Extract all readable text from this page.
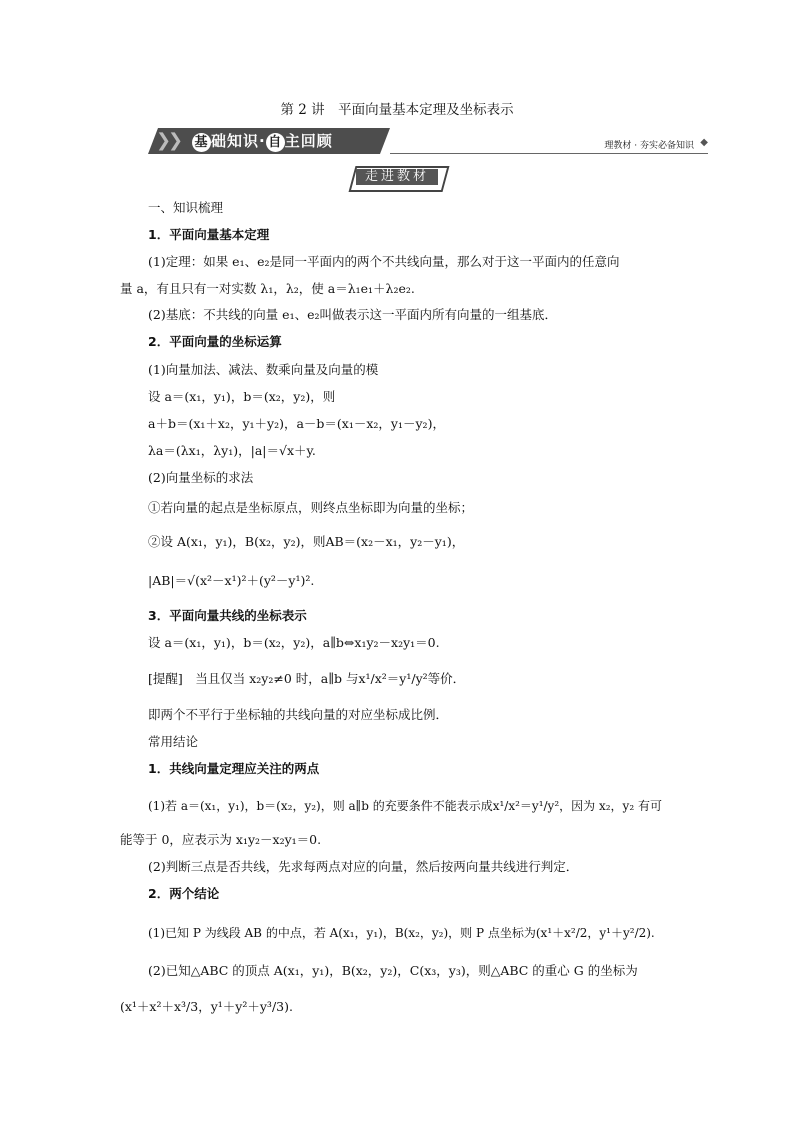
第 2 讲　平面向量基本定理及坐标表示
❯
❯ 基 础知识· 自 主回顾	理教材 · 夯实必备知识 ◆
走进教材
一、知识梳理
1．平面向量基本定理
(1)定理：如果 e₁、e₂是同一平面内的两个不共线向量，那么对于这一平面内的任意向
量 a，有且只有一对实数 λ₁，λ₂，使 a＝λ₁e₁＋λ₂e₂.
(2)基底：不共线的向量 e₁、e₂叫做表示这一平面内所有向量的一组基底．
2．平面向量的坐标运算
(1)向量加法、减法、数乘向量及向量的模
设 a＝(x₁，y₁)，b＝(x₂，y₂)，则
a＋b＝(x₁＋x₂，y₁＋y₂)，a－b＝(x₁－x₂，y₁－y₂)，
λa＝(λx₁，λy₁)，|a|＝√x＋y.
(2)向量坐标的求法
①若向量的起点是坐标原点，则终点坐标即为向量的坐标；
②设 A(x₁，y₁)，B(x₂，y₂)，则AB＝(x₂－x₁，y₂－y₁)，
|AB|＝√(x²－x¹)²＋(y²－y¹)².
3．平面向量共线的坐标表示
设 a＝(x₁，y₁)，b＝(x₂，y₂)，a∥b⇔x₁y₂－x₂y₁＝0.
[提醒]　当且仅当 x₂y₂≠0 时，a∥b 与x¹/x²＝y¹/y²等价．
即两个不平行于坐标轴的共线向量的对应坐标成比例．
常用结论
1．共线向量定理应关注的两点
(1)若 a＝(x₁，y₁)，b＝(x₂，y₂)，则 a∥b 的充要条件不能表示成x¹/x²＝y¹/y²，因为 x₂，y₂ 有可
能等于 0，应表示为 x₁y₂－x₂y₁＝0.
(2)判断三点是否共线，先求每两点对应的向量，然后按两向量共线进行判定．
2．两个结论
(1)已知 P 为线段 AB 的中点，若 A(x₁，y₁)，B(x₂，y₂)，则 P 点坐标为(x¹＋x²/2，y¹＋y²/2).
(2)已知△ABC 的顶点 A(x₁，y₁)，B(x₂，y₂)，C(x₃，y₃)，则△ABC 的重心 G 的坐标为
(x¹＋x²＋x³/3，y¹＋y²＋y³/3).
